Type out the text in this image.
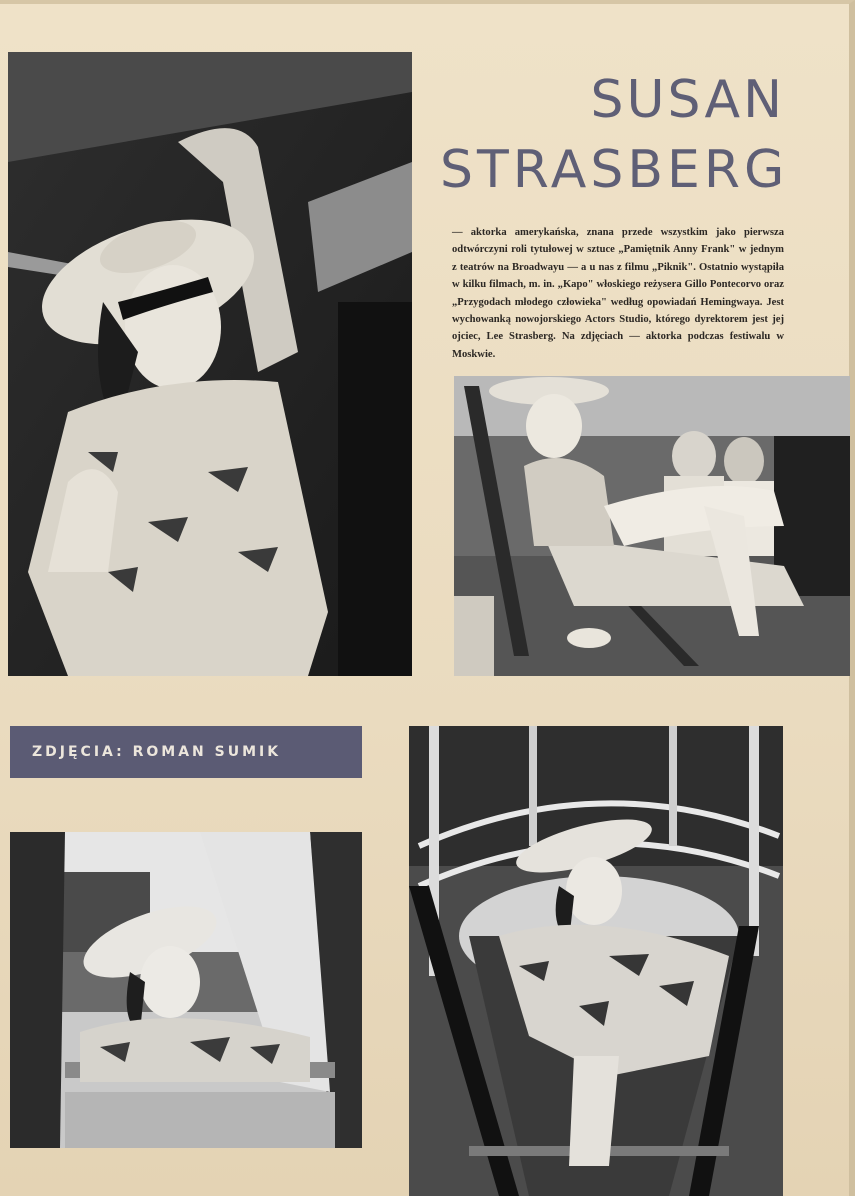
SUSAN
STRASBERG
— aktorka amerykańska, znana przede wszystkim jako pierwsza odtwórczyni roli tytułowej w sztuce „Pamiętnik Anny Frank" w jednym z teatrów na Broadwayu — a u nas z filmu „Piknik". Ostatnio wystąpiła w kilku filmach, m. in. „Kapo" włoskiego reżysera Gillo Pontecorvo oraz „Przygodach młodego człowieka" według opowiadań Hemingwaya. Jest wychowanką nowojorskiego Actors Studio, którego dyrektorem jest jej ojciec, Lee Strasberg. Na zdjęciach — aktorka podczas festiwalu w Moskwie.
ZDJĘCIA: ROMAN SUMIK
